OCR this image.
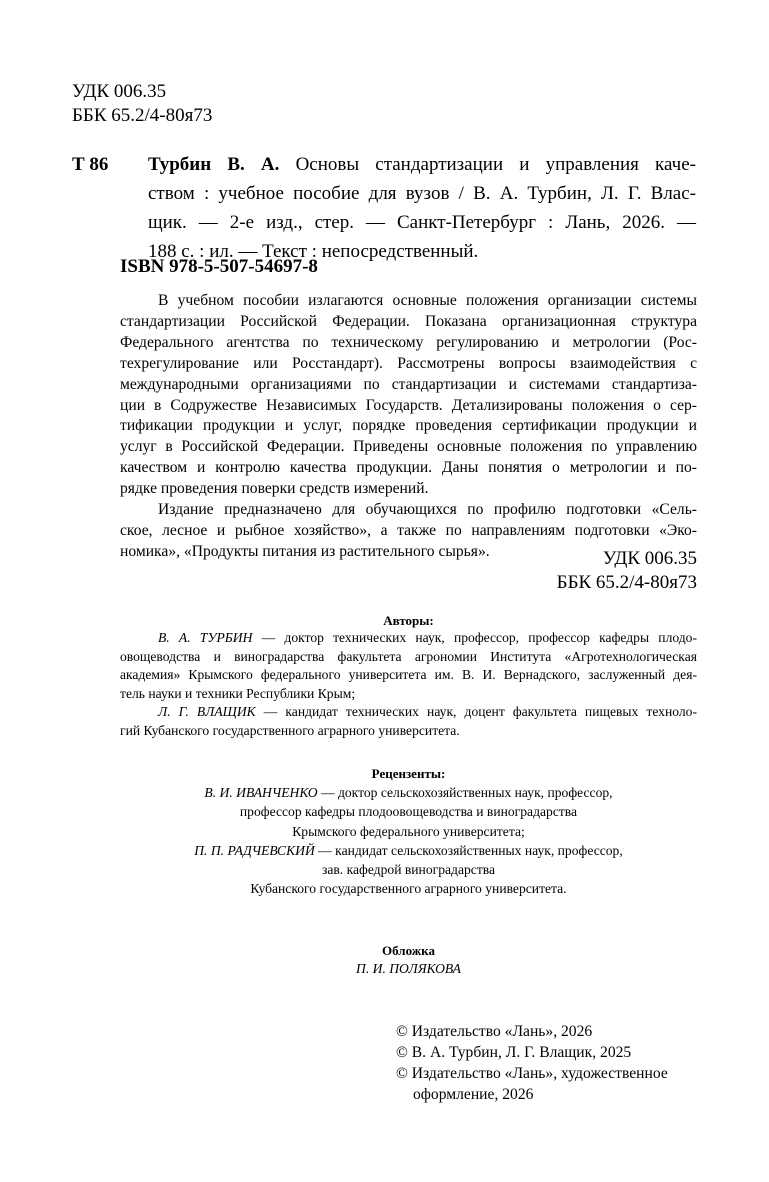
УДК 006.35
ББК 65.2/4-80я73
Т 86 Турбин В. А. Основы стандартизации и управления каче-
ством : учебное пособие для вузов / В. А. Турбин, Л. Г. Влас-
щик. — 2-е изд., стер. — Санкт-Петербург : Лань, 2026. —
188 с. : ил. — Текст : непосредственный.
ISBN 978-5-507-54697-8
В учебном пособии излагаются основные положения организации системы
стандартизации Российской Федерации. Показана организационная структура
Федерального агентства по техническому регулированию и метрологии (Рос-
техрегулирование или Росстандарт). Рассмотрены вопросы взаимодействия с
международными организациями по стандартизации и системами стандартиза-
ции в Содружестве Независимых Государств. Детализированы положения о сер-
тификации продукции и услуг, порядке проведения сертификации продукции и
услуг в Российской Федерации. Приведены основные положения по управлению
качеством и контролю качества продукции. Даны понятия о метрологии и по-
рядке проведения поверки средств измерений.
Издание предназначено для обучающихся по профилю подготовки «Сель-
ское, лесное и рыбное хозяйство», а также по направлениям подготовки «Эко-
номика», «Продукты питания из растительного сырья».	УДК 006.35
ББК 65.2/4-80я73
Авторы:
В. А. ТУРБИН — доктор технических наук, профессор, профессор кафедры плодо-
овощеводства и виноградарства факультета агрономии Института «Агротехнологическая
академия» Крымского федерального университета им. В. И. Вернадского, заслуженный дея-
тель науки и техники Республики Крым;
Л. Г. ВЛАЩИК — кандидат технических наук, доцент факультета пищевых техноло-
гий Кубанского государственного аграрного университета.
Рецензенты:
В. И. ИВАНЧЕНКО — доктор сельскохозяйственных наук, профессор,
профессор кафедры плодоовощеводства и виноградарства
Крымского федерального университета;
П. П. РАДЧЕВСКИЙ — кандидат сельскохозяйственных наук, профессор,
зав. кафедрой виноградарства
Кубанского государственного аграрного университета.
Обложка
П. И. ПОЛЯКОВА
© Издательство «Лань», 2026
© В. А. Турбин, Л. Г. Влащик, 2025
© Издательство «Лань», художественное
оформление, 2026
